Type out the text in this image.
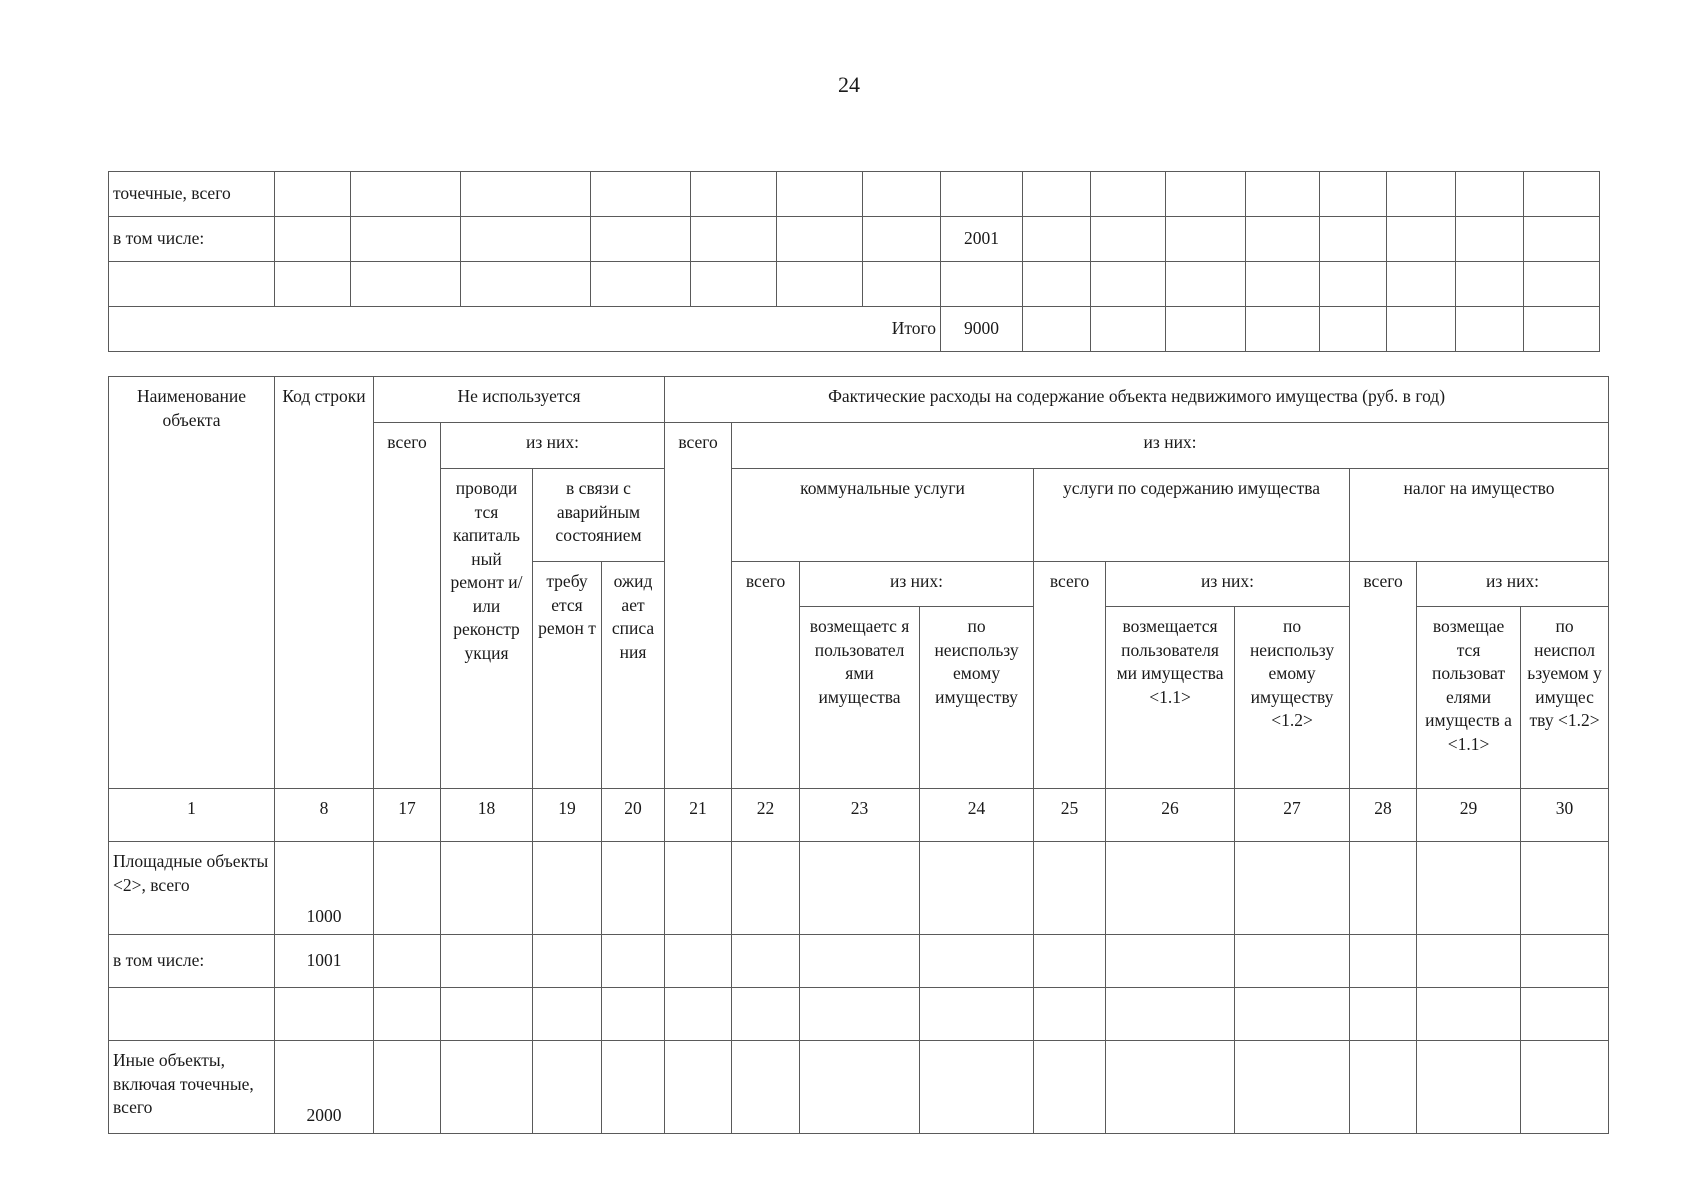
24
точечные, всего																
в том числе:								2001								

Итого								9000								
Наименование объекта	Код строки	Не используется				Фактические расходы на содержание объекта недвижимого имущества (руб. в год)									
		всего	из них:			всего	из них:								
			проводи тся капиталь ный ремонт и/или реконстр укция	в связи с аварийным состоянием			коммунальные услуги			услуги по содержанию имущества			налог на имущество		
				требу ется ремон т	ожид ает списа ния		всего	из них:		всего	из них:		всего	из них:	
								возмещаетс я пользовател ями имущества	по неиспользу емому имуществу		возмещается пользователя ми имущества <1.1>	по неиспользу емому имуществу <1.2>		возмещае тся пользоват елями имуществ а <1.1>	по неиспол ьзуемом у имущес тву <1.2>
1	8	17	18	19	20	21	22	23	24	25	26	27	28	29	30
Площадные объекты <2>, всего	1000														
в том числе:	1001														

Иные объекты, включая точечные, всего	2000														
